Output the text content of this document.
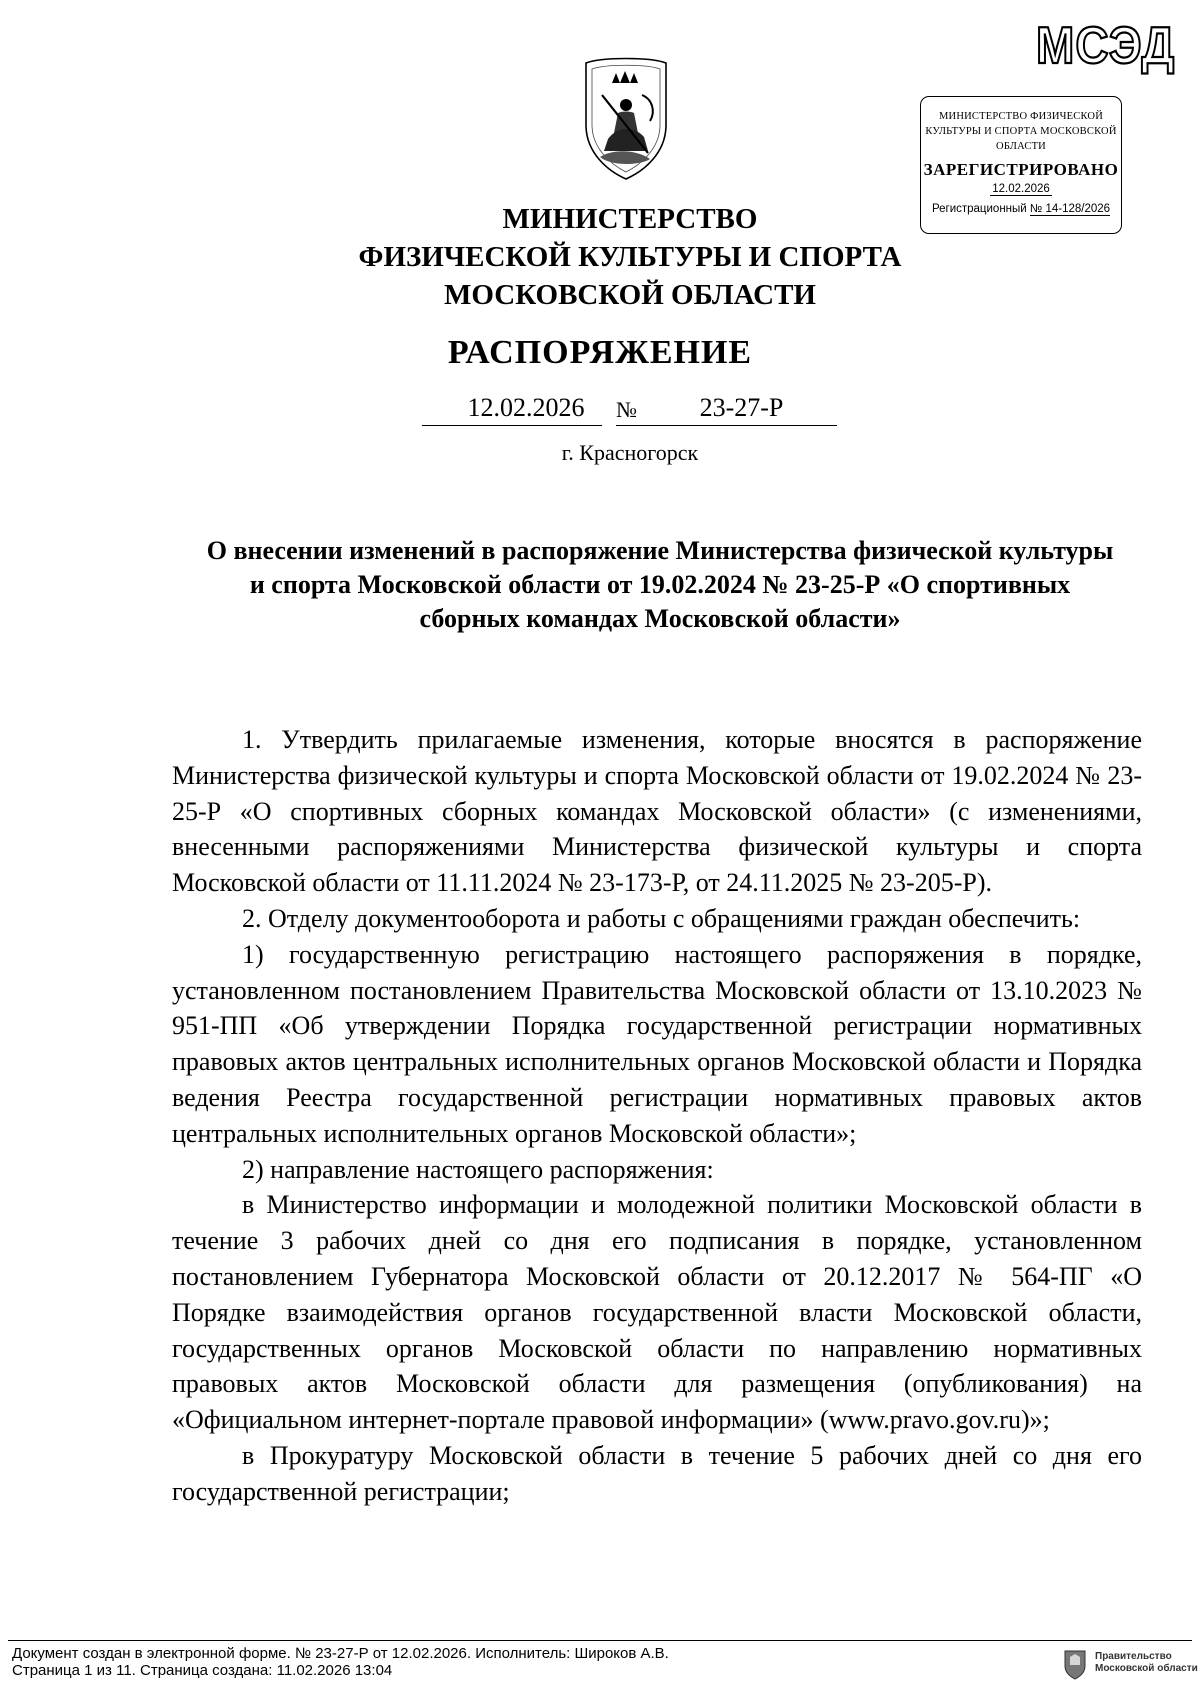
МСЭД
МИНИСТЕРСТВО ФИЗИЧЕСКОЙ
КУЛЬТУРЫ И СПОРТА МОСКОВСКОЙ
ОБЛАСТИ
ЗАРЕГИСТРИРОВАНО
12.02.2026
Регистрационный № 14-128/2026
МИНИСТЕРСТВО
ФИЗИЧЕСКОЙ КУЛЬТУРЫ И СПОРТА
МОСКОВСКОЙ ОБЛАСТИ
РАСПОРЯЖЕНИЕ
12.02.2026	№	23-27-Р
г. Красногорск
О внесении изменений в распоряжение Министерства физической культуры
и спорта Московской области от 19.02.2024 № 23-25-Р «О спортивных
сборных командах Московской области»

1. Утвердить прилагаемые изменения, которые вносятся в распоряжение Министерства физической культуры и спорта Московской области от 19.02.2024 № 23-25-Р «О спортивных сборных командах Московской области» (с изменениями, внесенными распоряжениями Министерства физической культуры и спорта Московской области от 11.11.2024 № 23-173-Р, от 24.11.2025 № 23-205-Р).

2. Отделу документооборота и работы с обращениями граждан обеспечить:

1) государственную регистрацию настоящего распоряжения в порядке, установленном постановлением Правительства Московской области от 13.10.2023 № 951-ПП «Об утверждении Порядка государственной регистрации нормативных правовых актов центральных исполнительных органов Московской области и Порядка ведения Реестра государственной регистрации нормативных правовых актов центральных исполнительных органов Московской области»;

2) направление настоящего распоряжения:

в Министерство информации и молодежной политики Московской области в течение 3 рабочих дней со дня его подписания в порядке, установленном постановлением Губернатора Московской области от 20.12.2017 № 564-ПГ «О Порядке взаимодействия органов государственной власти Московской области, государственных органов Московской области по направлению нормативных правовых актов Московской области для размещения (опубликования) на «Официальном интернет-портале правовой информации» (www.pravo.gov.ru)»;

в Прокуратуру Московской области в течение 5 рабочих дней со дня его государственной регистрации;

Документ создан в электронной форме. № 23-27-Р от 12.02.2026. Исполнитель: Широков А.В.
Страница 1 из 11. Страница создана: 11.02.2026 13:04
Правительство
Московской области
